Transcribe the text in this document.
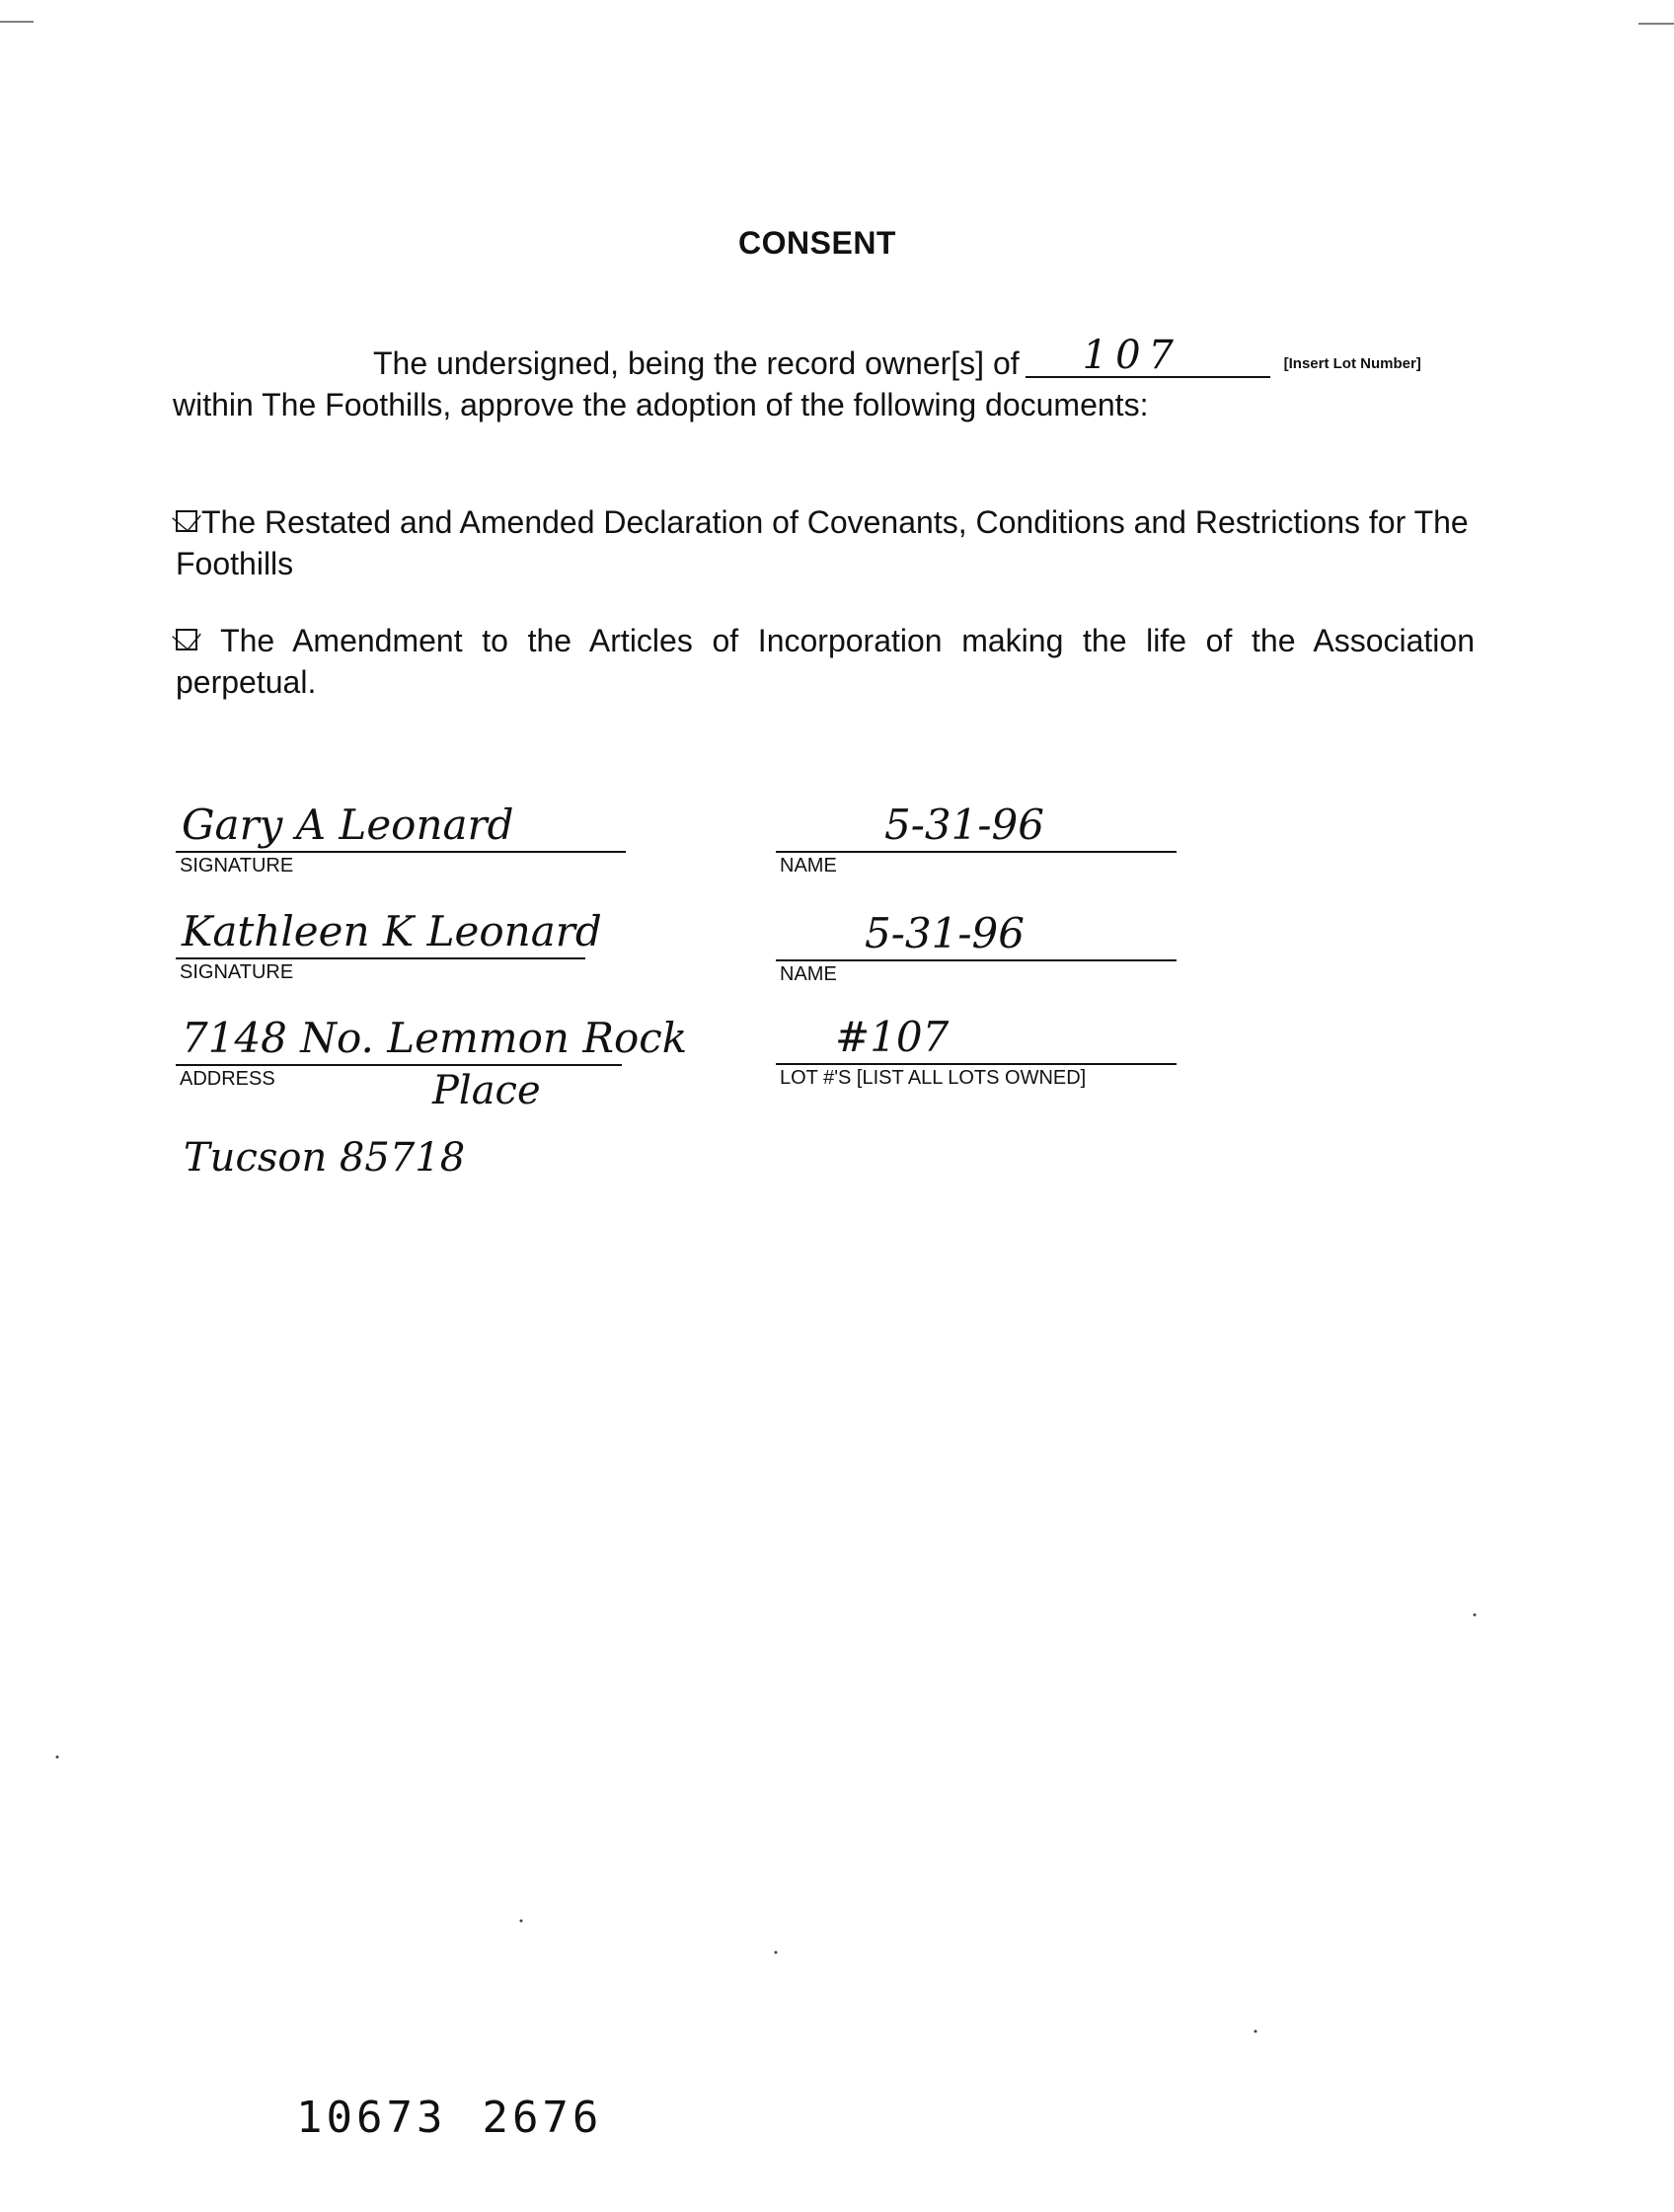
CONSENT
The undersigned, being the record owner[s] of 107	[Insert Lot Number]
within The Foothills, approve the adoption of the following documents:
The Restated and Amended Declaration of Covenants, Conditions and Restrictions for The Foothills
The Amendment to the Articles of Incorporation making the life of the Association perpetual.
Gary A Leonard
SIGNATURE
Kathleen K Leonard
SIGNATURE
7148 No. Lemmon Rock
ADDRESS	Place
Tucson 85718
5-31-96
NAME
5-31-96
NAME
#107
LOT #'S [LIST ALL LOTS OWNED]
10673 2676
